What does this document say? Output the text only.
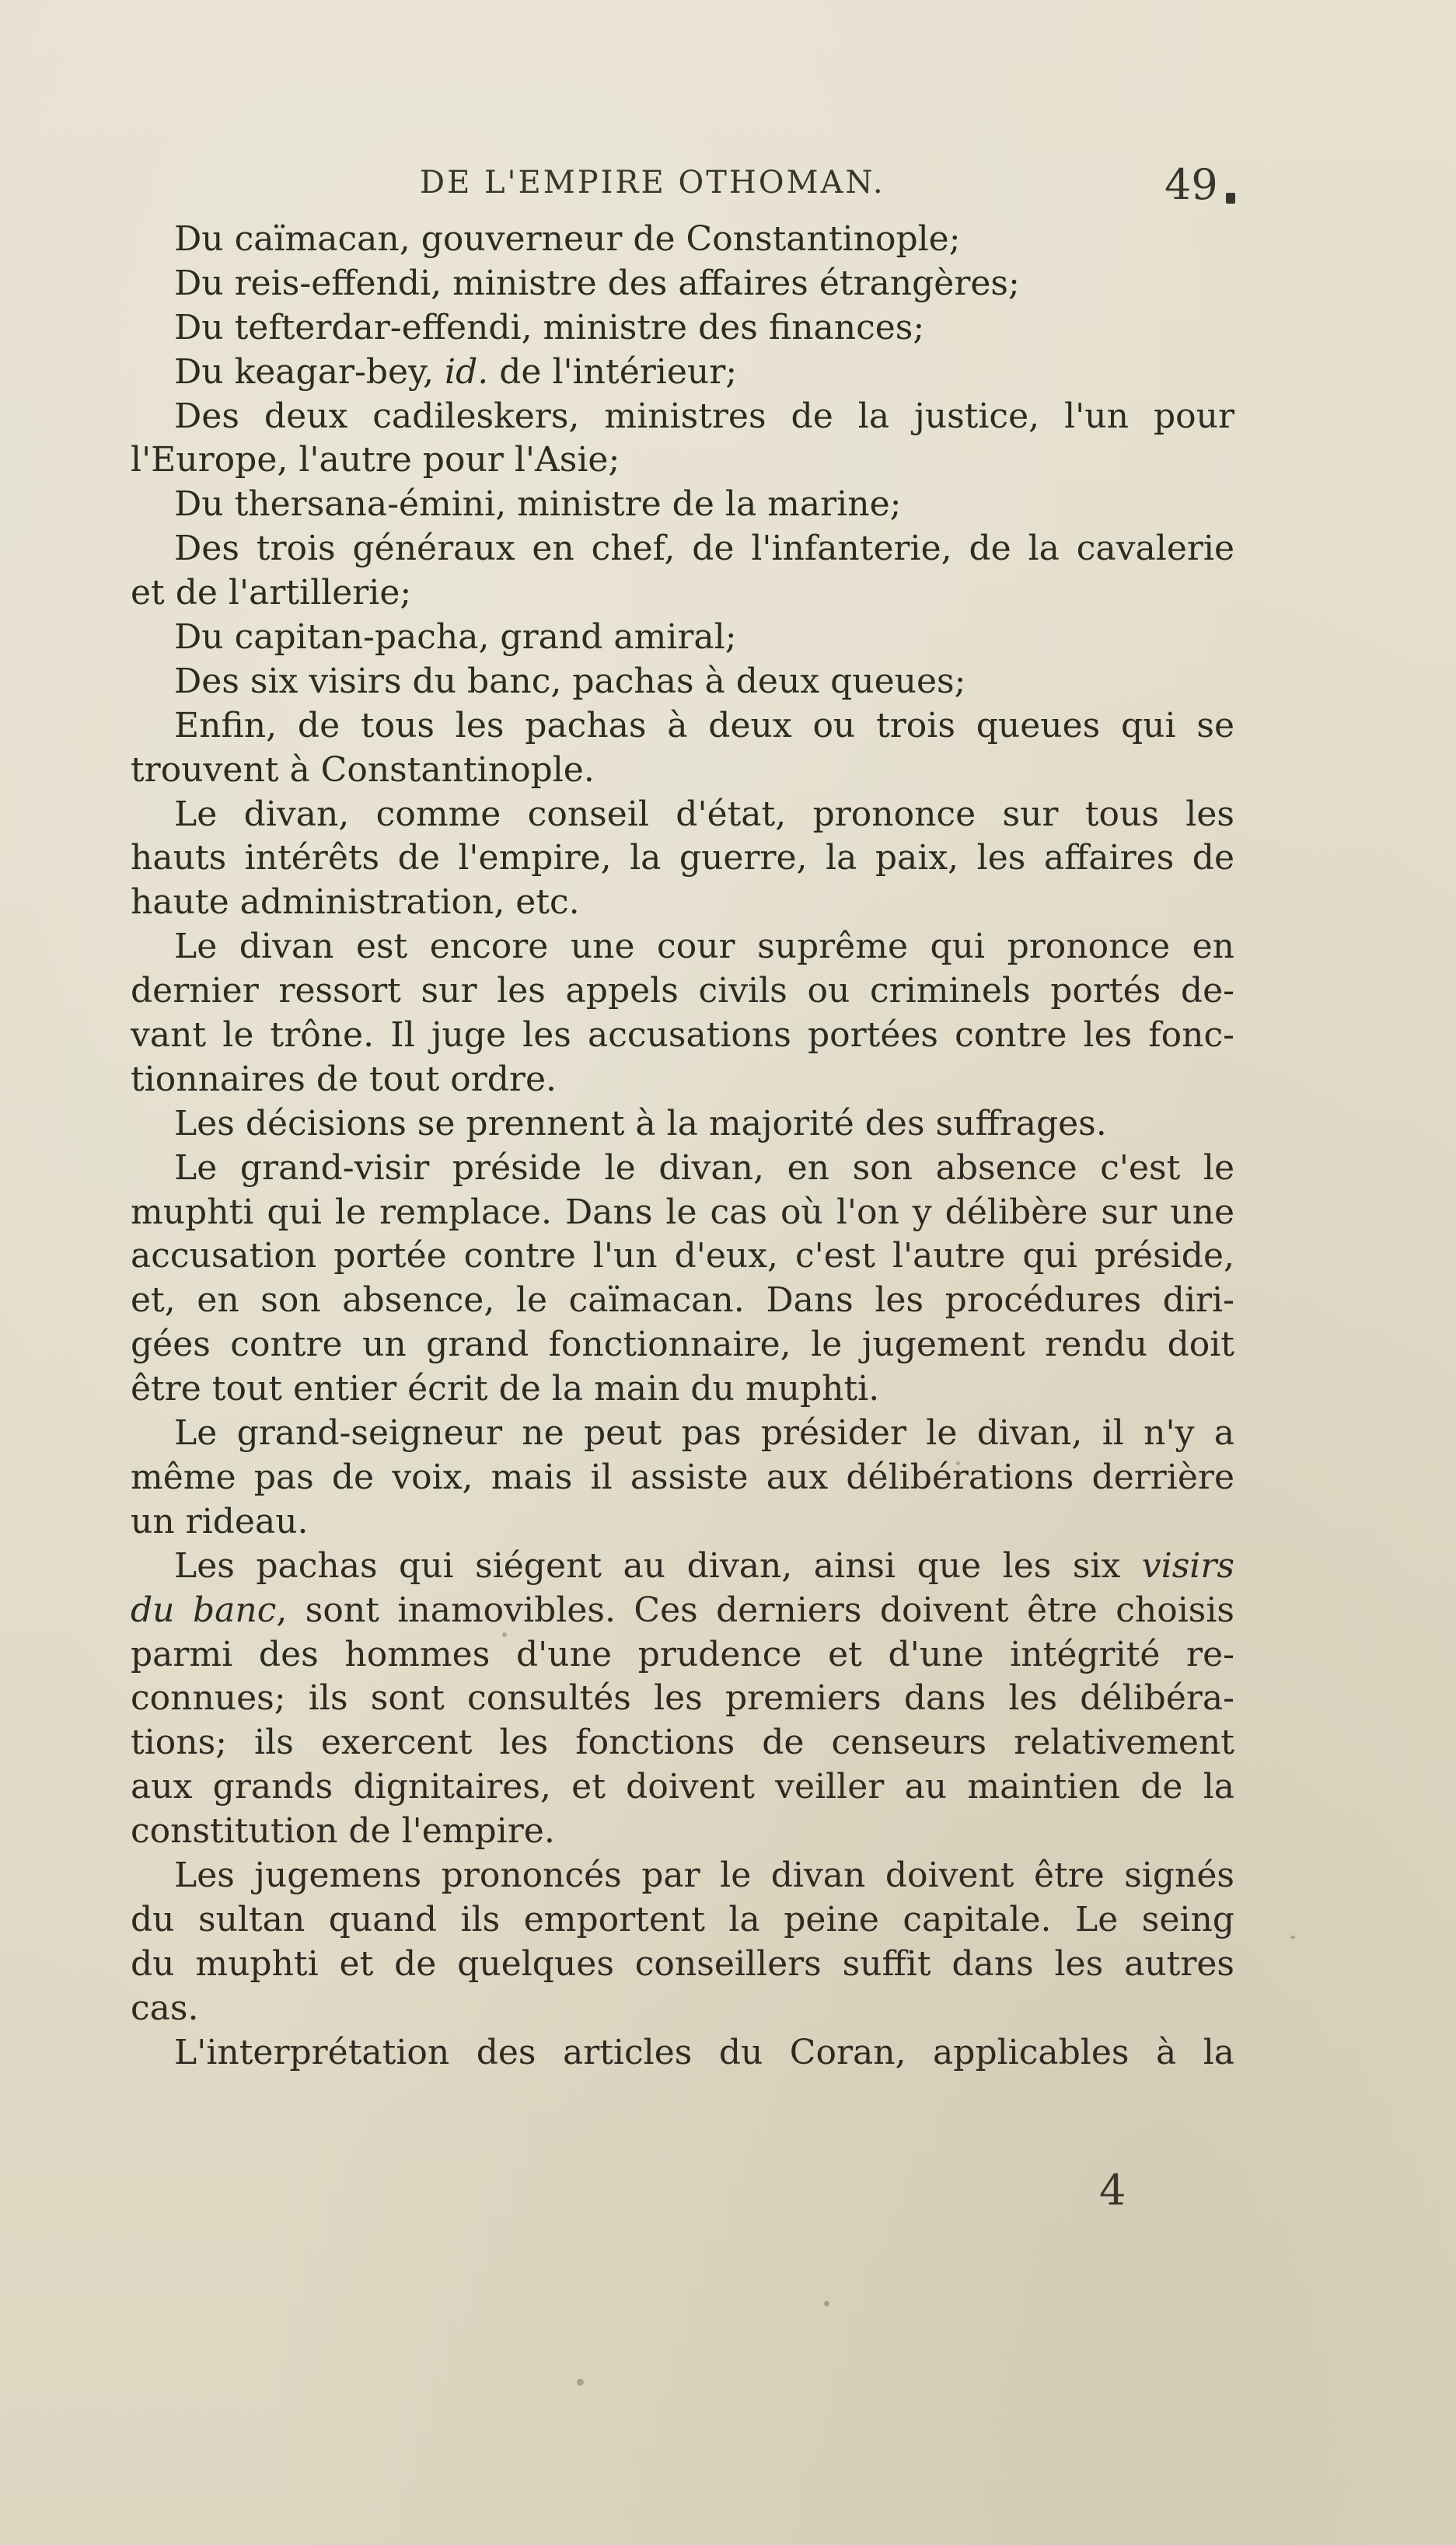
DE L'EMPIRE OTHOMAN.	49
Du caïmacan, gouverneur de Constantinople;
Du reis-effendi, ministre des affaires étrangères;
Du tefterdar-effendi, ministre des finances;
Du keagar-bey, id. de l'intérieur;
Des deux cadileskers, ministres de la justice, l'un pour
l'Europe, l'autre pour l'Asie;
Du thersana-émini, ministre de la marine;
Des trois généraux en chef, de l'infanterie, de la cavalerie
et de l'artillerie;
Du capitan-pacha, grand amiral;
Des six visirs du banc, pachas à deux queues;
Enfin, de tous les pachas à deux ou trois queues qui se
trouvent à Constantinople.
Le divan, comme conseil d'état, prononce sur tous les
hauts intérêts de l'empire, la guerre, la paix, les affaires de
haute administration, etc.
Le divan est encore une cour suprême qui prononce en
dernier ressort sur les appels civils ou criminels portés de-
vant le trône. Il juge les accusations portées contre les fonc-
tionnaires de tout ordre.
Les décisions se prennent à la majorité des suffrages.
Le grand-visir préside le divan, en son absence c'est le
muphti qui le remplace. Dans le cas où l'on y délibère sur une
accusation portée contre l'un d'eux, c'est l'autre qui préside,
et, en son absence, le caïmacan. Dans les procédures diri-
gées contre un grand fonctionnaire, le jugement rendu doit
être tout entier écrit de la main du muphti.
Le grand-seigneur ne peut pas présider le divan, il n'y a
même pas de voix, mais il assiste aux délibérations derrière
un rideau.
Les pachas qui siégent au divan, ainsi que les six visirs
du banc, sont inamovibles. Ces derniers doivent être choisis
parmi des hommes d'une prudence et d'une intégrité re-
connues; ils sont consultés les premiers dans les délibéra-
tions; ils exercent les fonctions de censeurs relativement
aux grands dignitaires, et doivent veiller au maintien de la
constitution de l'empire.
Les jugemens prononcés par le divan doivent être signés
du sultan quand ils emportent la peine capitale. Le seing
du muphti et de quelques conseillers suffit dans les autres
cas.
L'interprétation des articles du Coran, applicables à la
4
